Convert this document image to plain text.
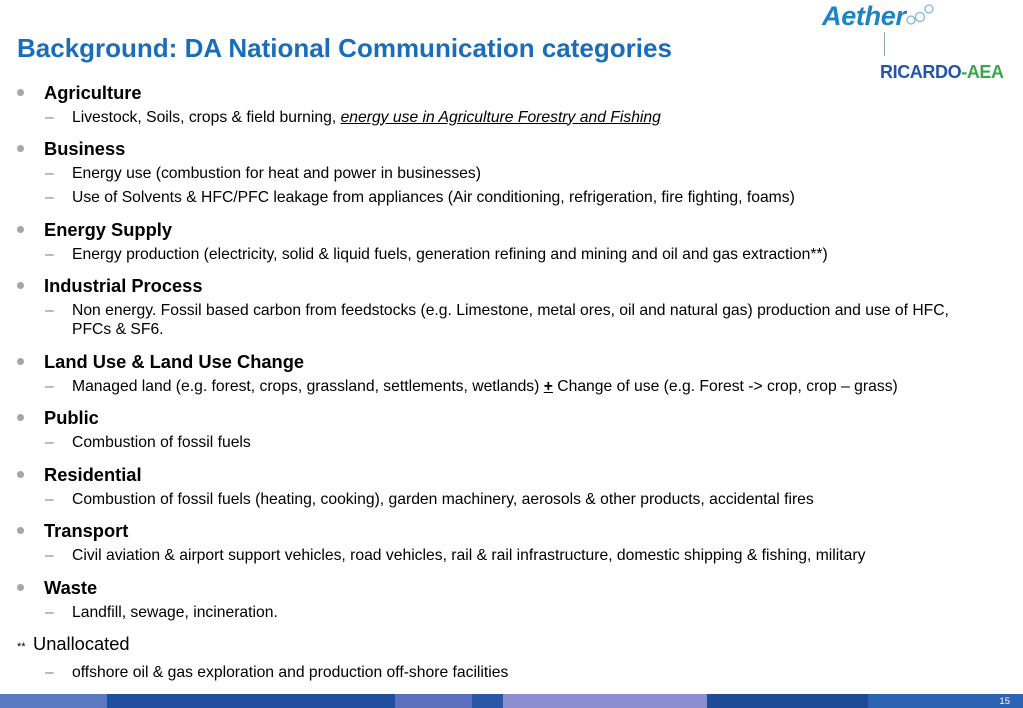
Background: DA National Communication categories
Aether
RICARDO-AEA
Agriculture
– Livestock, Soils, crops & field burning, energy use in Agriculture Forestry and Fishing
Business
– Energy use (combustion for heat and power in businesses)
– Use of Solvents & HFC/PFC leakage from appliances (Air conditioning, refrigeration, fire fighting, foams)
Energy Supply
– Energy production (electricity, solid & liquid fuels, generation refining and mining and oil and gas extraction**)
Industrial Process
– Non energy. Fossil based carbon from feedstocks (e.g. Limestone, metal ores, oil and natural gas) production and use of HFC, PFCs & SF6.
Land Use & Land Use Change
– Managed land (e.g. forest, crops, grassland, settlements, wetlands) + Change of use (e.g. Forest -> crop, crop – grass)
Public
– Combustion of fossil fuels
Residential
– Combustion of fossil fuels (heating, cooking), garden machinery, aerosols & other products, accidental fires
Transport
– Civil aviation & airport support vehicles, road vehicles, rail & rail infrastructure, domestic shipping & fishing, military
Waste
– Landfill, sewage, incineration.
** Unallocated
– offshore oil & gas exploration and production off-shore facilities
15
